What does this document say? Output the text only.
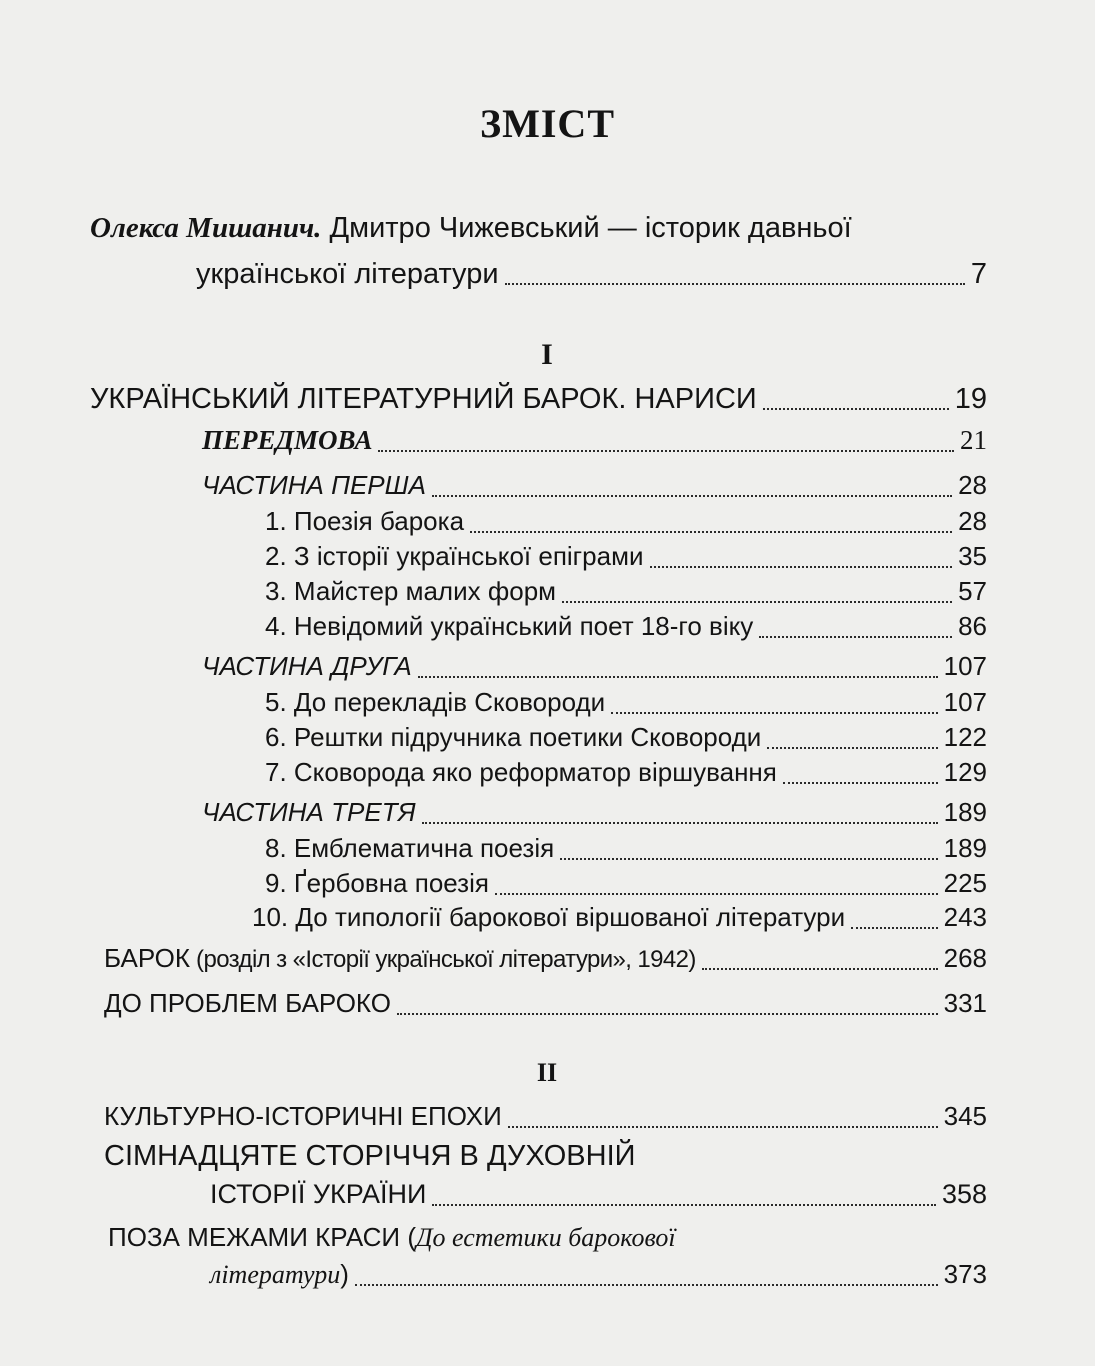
ЗМІСТ
Олекса Мишанич. Дмитро Чижевський — історик давньої
української літератури	7
I
УКРАЇНСЬКИЙ ЛІТЕРАТУРНИЙ БАРОК. НАРИСИ	19
ПЕРЕДМОВА	21
ЧАСТИНА ПЕРША	28
1. Поезія барока	28
2. З історії української епіграми	35
3. Майстер малих форм	57
4. Невідомий український поет 18-го віку	86
ЧАСТИНА ДРУГА	107
5. До перекладів Сковороди	107
6. Рештки підручника поетики Сковороди	122
7. Сковорода яко реформатор віршування	129
ЧАСТИНА ТРЕТЯ	189
8. Емблематична поезія	189
9. Ґербовна поезія	225
10. До типології барокової віршованої літератури	243
БАРОК (розділ з «Історії української літератури», 1942)	268
ДО ПРОБЛЕМ БАРОКО	331
II
КУЛЬТУРНО-ІСТОРИЧНІ ЕПОХИ	345
СІМНАДЦЯТЕ СТОРІЧЧЯ В ДУХОВНІЙ
ІСТОРІЇ УКРАЇНИ	358
ПОЗА МЕЖАМИ КРАСИ (До естетики барокової
літератури)	373
